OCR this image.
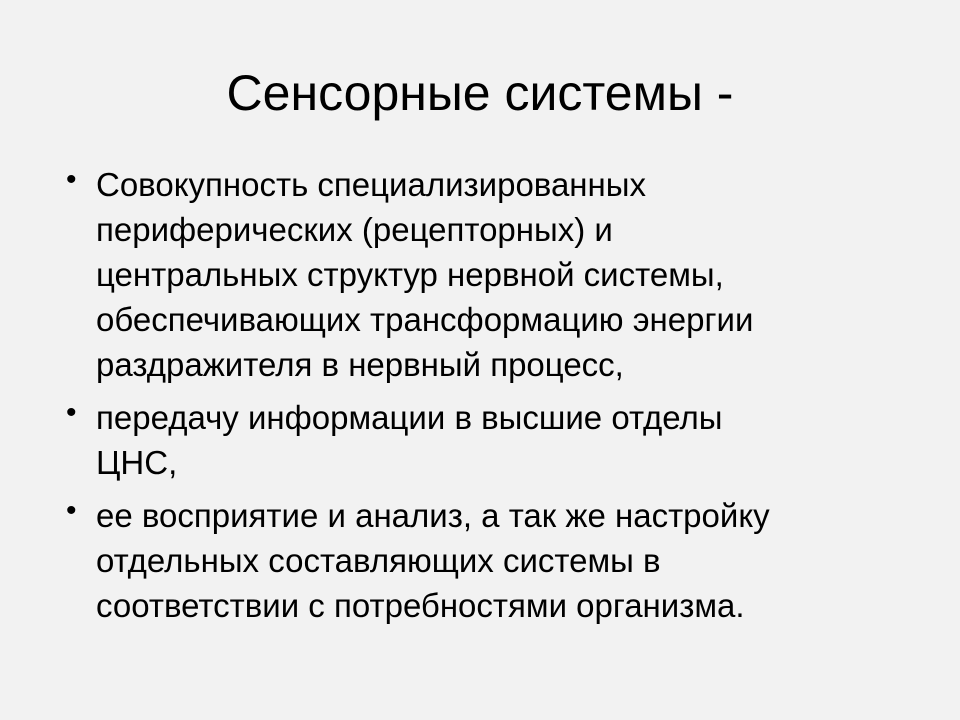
Сенсорные системы -
• Совокупность специализированных
периферических (рецепторных) и
центральных структур нервной системы,
обеспечивающих трансформацию энергии
раздражителя в нервный процесс,
• передачу информации в высшие отделы
ЦНС,
• ее восприятие и анализ, а так же настройку
отдельных составляющих системы в
соответствии с потребностями организма.
